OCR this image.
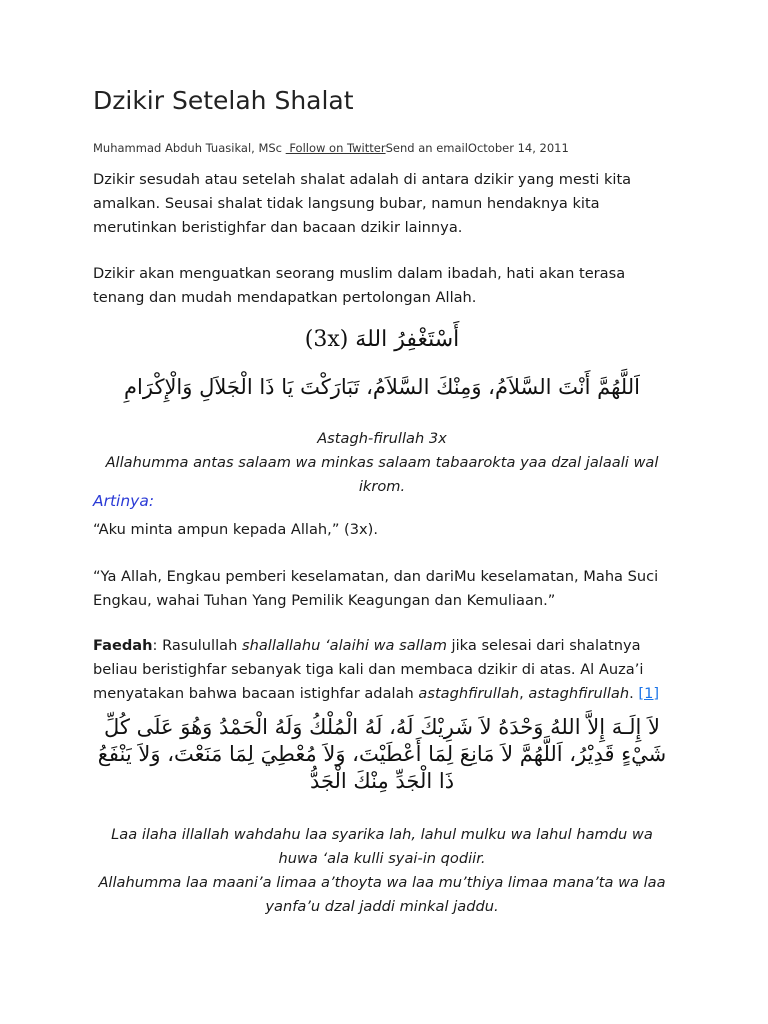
Dzikir Setelah Shalat
Muhammad Abduh Tuasikal, MSc  Follow on TwitterSend an emailOctober 14, 2011

Dzikir sesudah atau setelah shalat adalah di antara dzikir yang mesti kita amalkan. Seusai shalat tidak langsung bubar, namun hendaknya kita merutinkan beristighfar dan bacaan dzikir lainnya.

Dzikir akan menguatkan seorang muslim dalam ibadah, hati akan terasa tenang dan mudah mendapatkan pertolongan Allah.

أَسْتَغْفِرُ اللهَ (3x)

اَللَّهُمَّ أَنْتَ السَّلاَمُ، وَمِنْكَ السَّلاَمُ، تَبَارَكْتَ يَا ذَا الْجَلاَلِ وَالْإِكْرَامِ

Astagh-firullah 3x

Allahumma antas salaam wa minkas salaam tabaarokta yaa dzal jalaali wal ikrom.

Artinya:

“Aku minta ampun kepada Allah,” (3x).

“Ya Allah, Engkau pemberi keselamatan, dan dariMu keselamatan, Maha Suci Engkau, wahai Tuhan Yang Pemilik Keagungan dan Kemuliaan.”

Faedah: Rasulullah shallallahu ‘alaihi wa sallam jika selesai dari shalatnya beliau beristighfar sebanyak tiga kali dan membaca dzikir di atas. Al Auza’i menyatakan bahwa bacaan istighfar adalah astaghfirullah, astaghfirullah. [1]

لاَ إِلَـهَ إِلاَّ اللهُ وَحْدَهُ لاَ شَرِيْكَ لَهُ، لَهُ الْمُلْكُ وَلَهُ الْحَمْدُ وَهُوَ عَلَى كُلِّ شَيْءٍ قَدِيْرُ، اَللَّهُمَّ لاَ مَانِعَ لِمَا أَعْطَيْتَ، وَلاَ مُعْطِيَ لِمَا مَنَعْتَ، وَلاَ يَنْفَعُ ذَا الْجَدِّ مِنْكَ الْجَدُّ

Laa ilaha illallah wahdahu laa syarika lah, lahul mulku wa lahul hamdu wa huwa ‘ala kulli syai-in qodiir.

Allahumma laa maani’a limaa a’thoyta wa laa mu’thiya limaa mana’ta wa laa yanfa’u dzal jaddi minkal jaddu.
